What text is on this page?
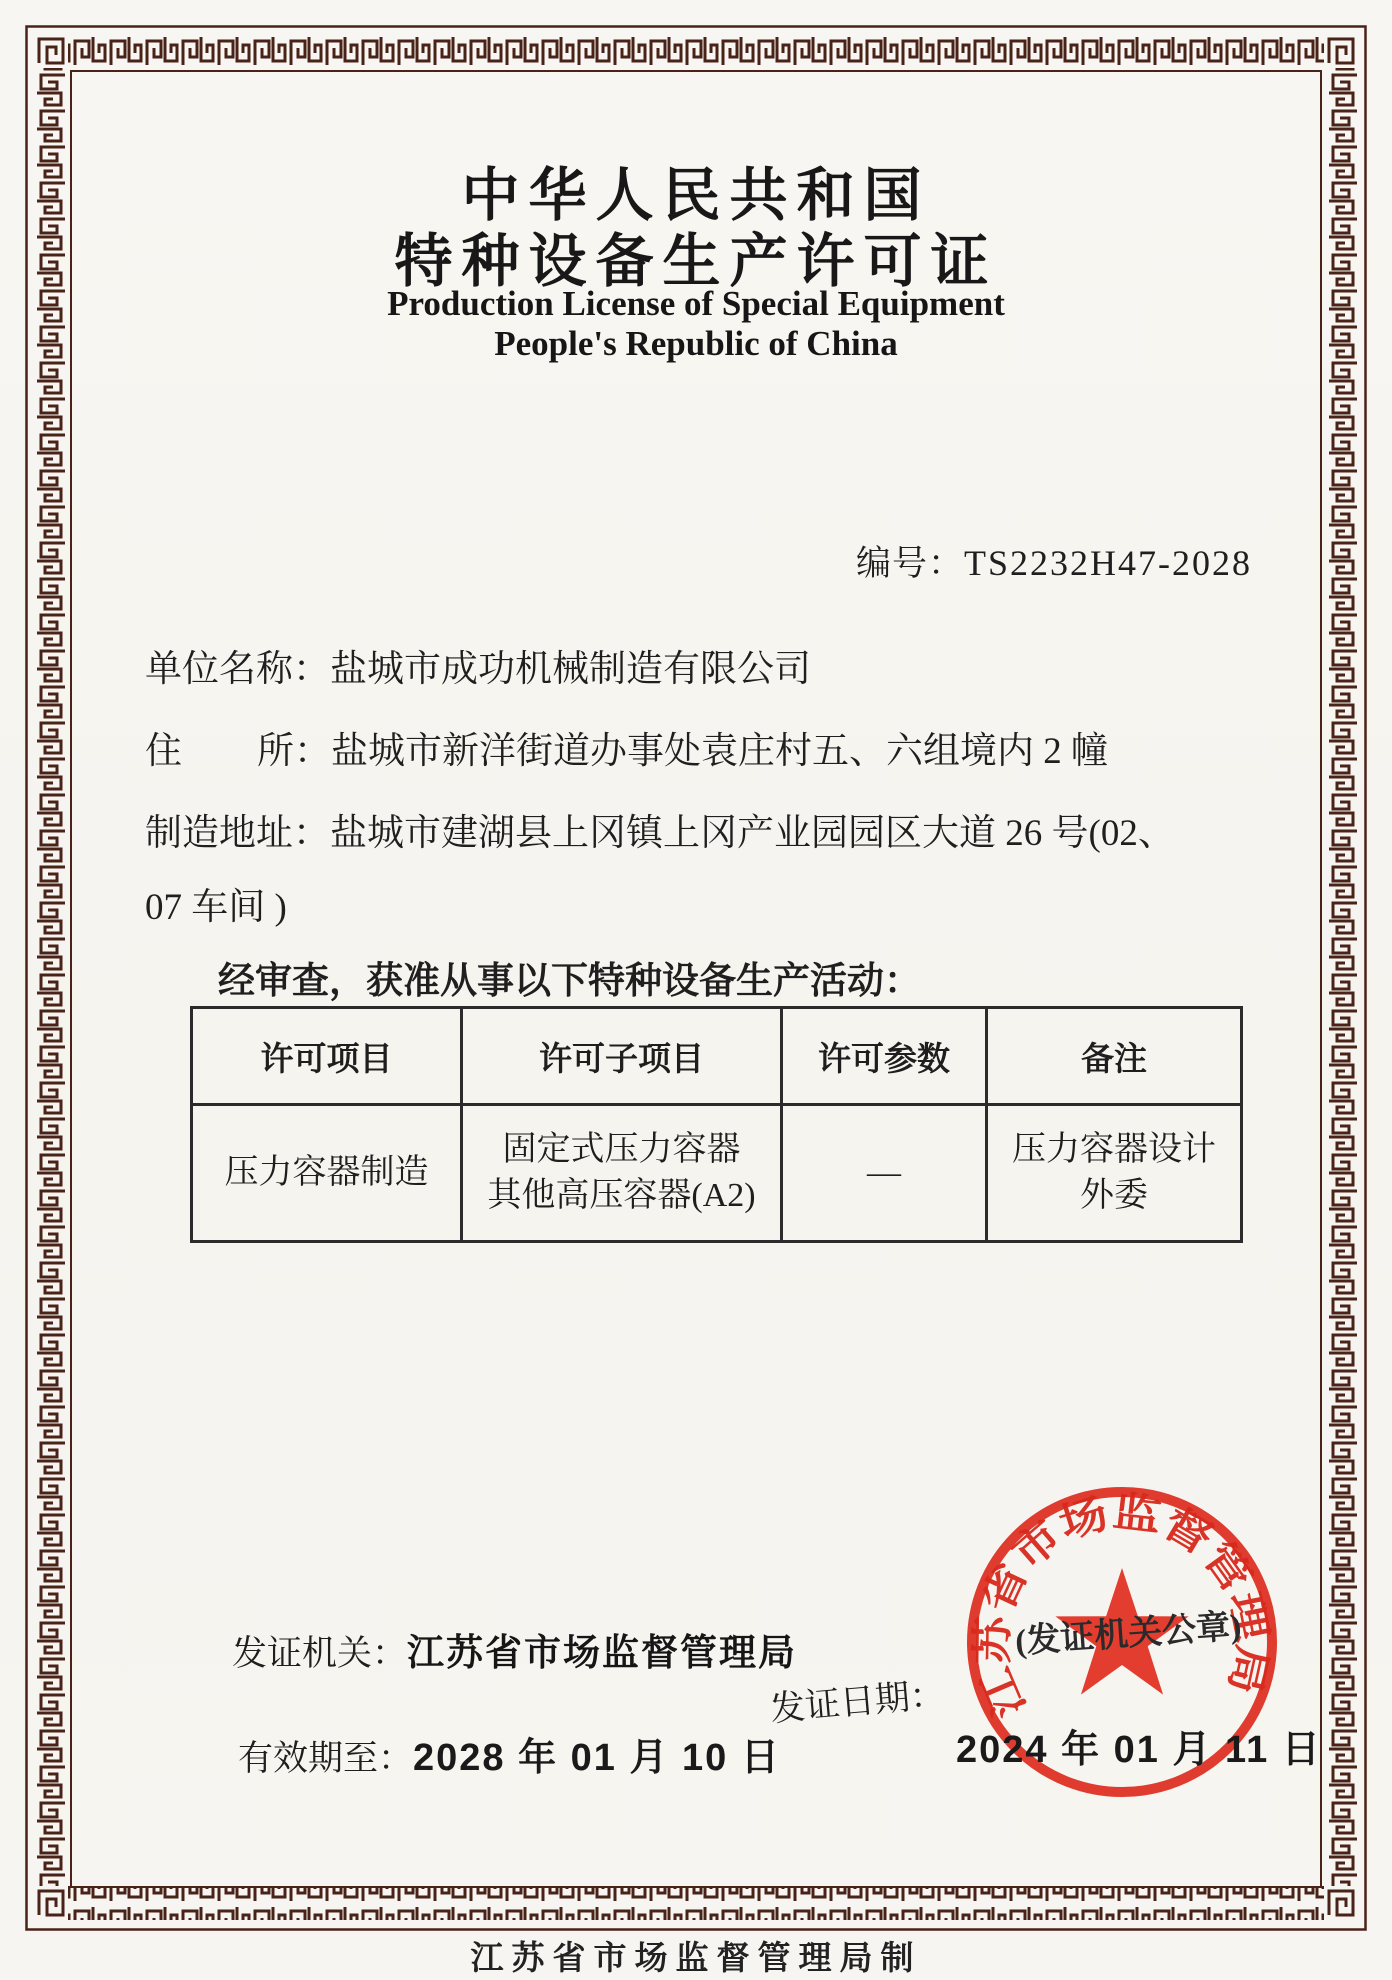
中华人民共和国
特种设备生产许可证
Production License of Special Equipment
People's Republic of China
编号：TS2232H47-2028
单位名称：盐城市成功机械制造有限公司
住 所： 盐城市新洋街道办事处袁庄村五、六组境内 2 幢
制造地址：盐城市建湖县上冈镇上冈产业园园区大道 26 号(02、
07 车间 )
经审查，获准从事以下特种设备生产活动：
许可项目	许可子项目	许可参数	备注
压力容器制造	固定式压力容器
其他高压容器(A2)	—	压力容器设计
外委
发证机关：江苏省市场监督管理局
有效期至：2028 年 01 月 10 日
发证日期： 江苏省市场监督管理局
(发证机关公章)
2024 年 01 月 11 日
江苏省市场监督管理局制
